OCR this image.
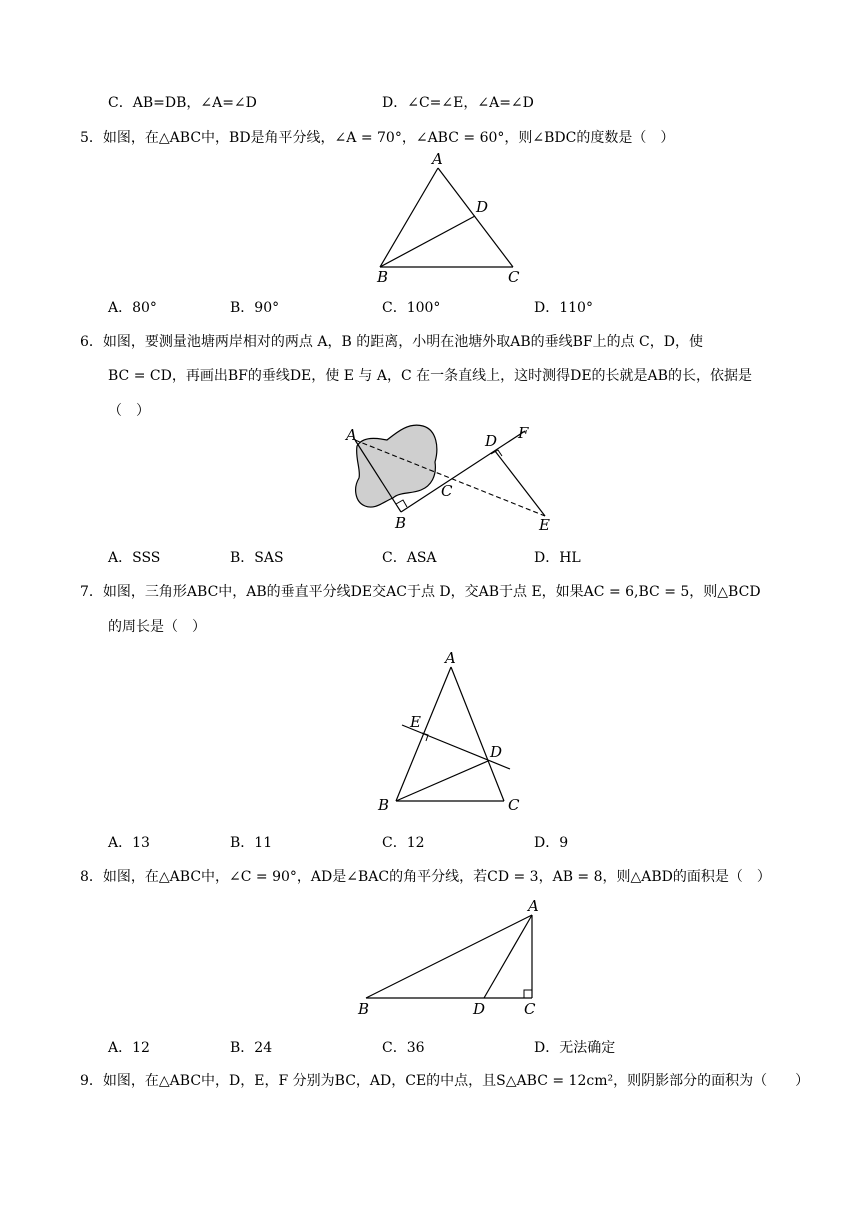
C．AB=DB，∠A=∠D	D．∠C=∠E，∠A=∠D
5．如图，在△ABC中，BD是角平分线，∠A = 70°，∠ABC = 60°，则∠BDC的度数是（　）
A
B	C
D
A．80°	B．90°	C．100°	D．110°
6．如图，要测量池塘两岸相对的两点 A，B 的距离，小明在池塘外取AB的垂线BF上的点 C，D，使
BC = CD，再画出BF的垂线DE，使 E 与 A，C 在一条直线上，这时测得DE的长就是AB的长，依据是
（　）
A
B
C
D
E
F
A．SSS	B．SAS	C．ASA	D．HL
7．如图，三角形ABC中，AB的垂直平分线DE交AC于点 D，交AB于点 E，如果AC = 6,BC = 5，则△BCD
的周长是（　）
A
B	C
D
E
A．13	B．11	C．12	D．9
8．如图，在△ABC中，∠C = 90°，AD是∠BAC的角平分线，若CD = 3，AB = 8，则△ABD的面积是（　）
A
B	C
D
A．12	B．24	C．36	D．无法确定
9．如图，在△ABC中，D，E，F 分别为BC，AD，CE的中点，且S△ABC = 12cm²，则阴影部分的面积为（　　）
